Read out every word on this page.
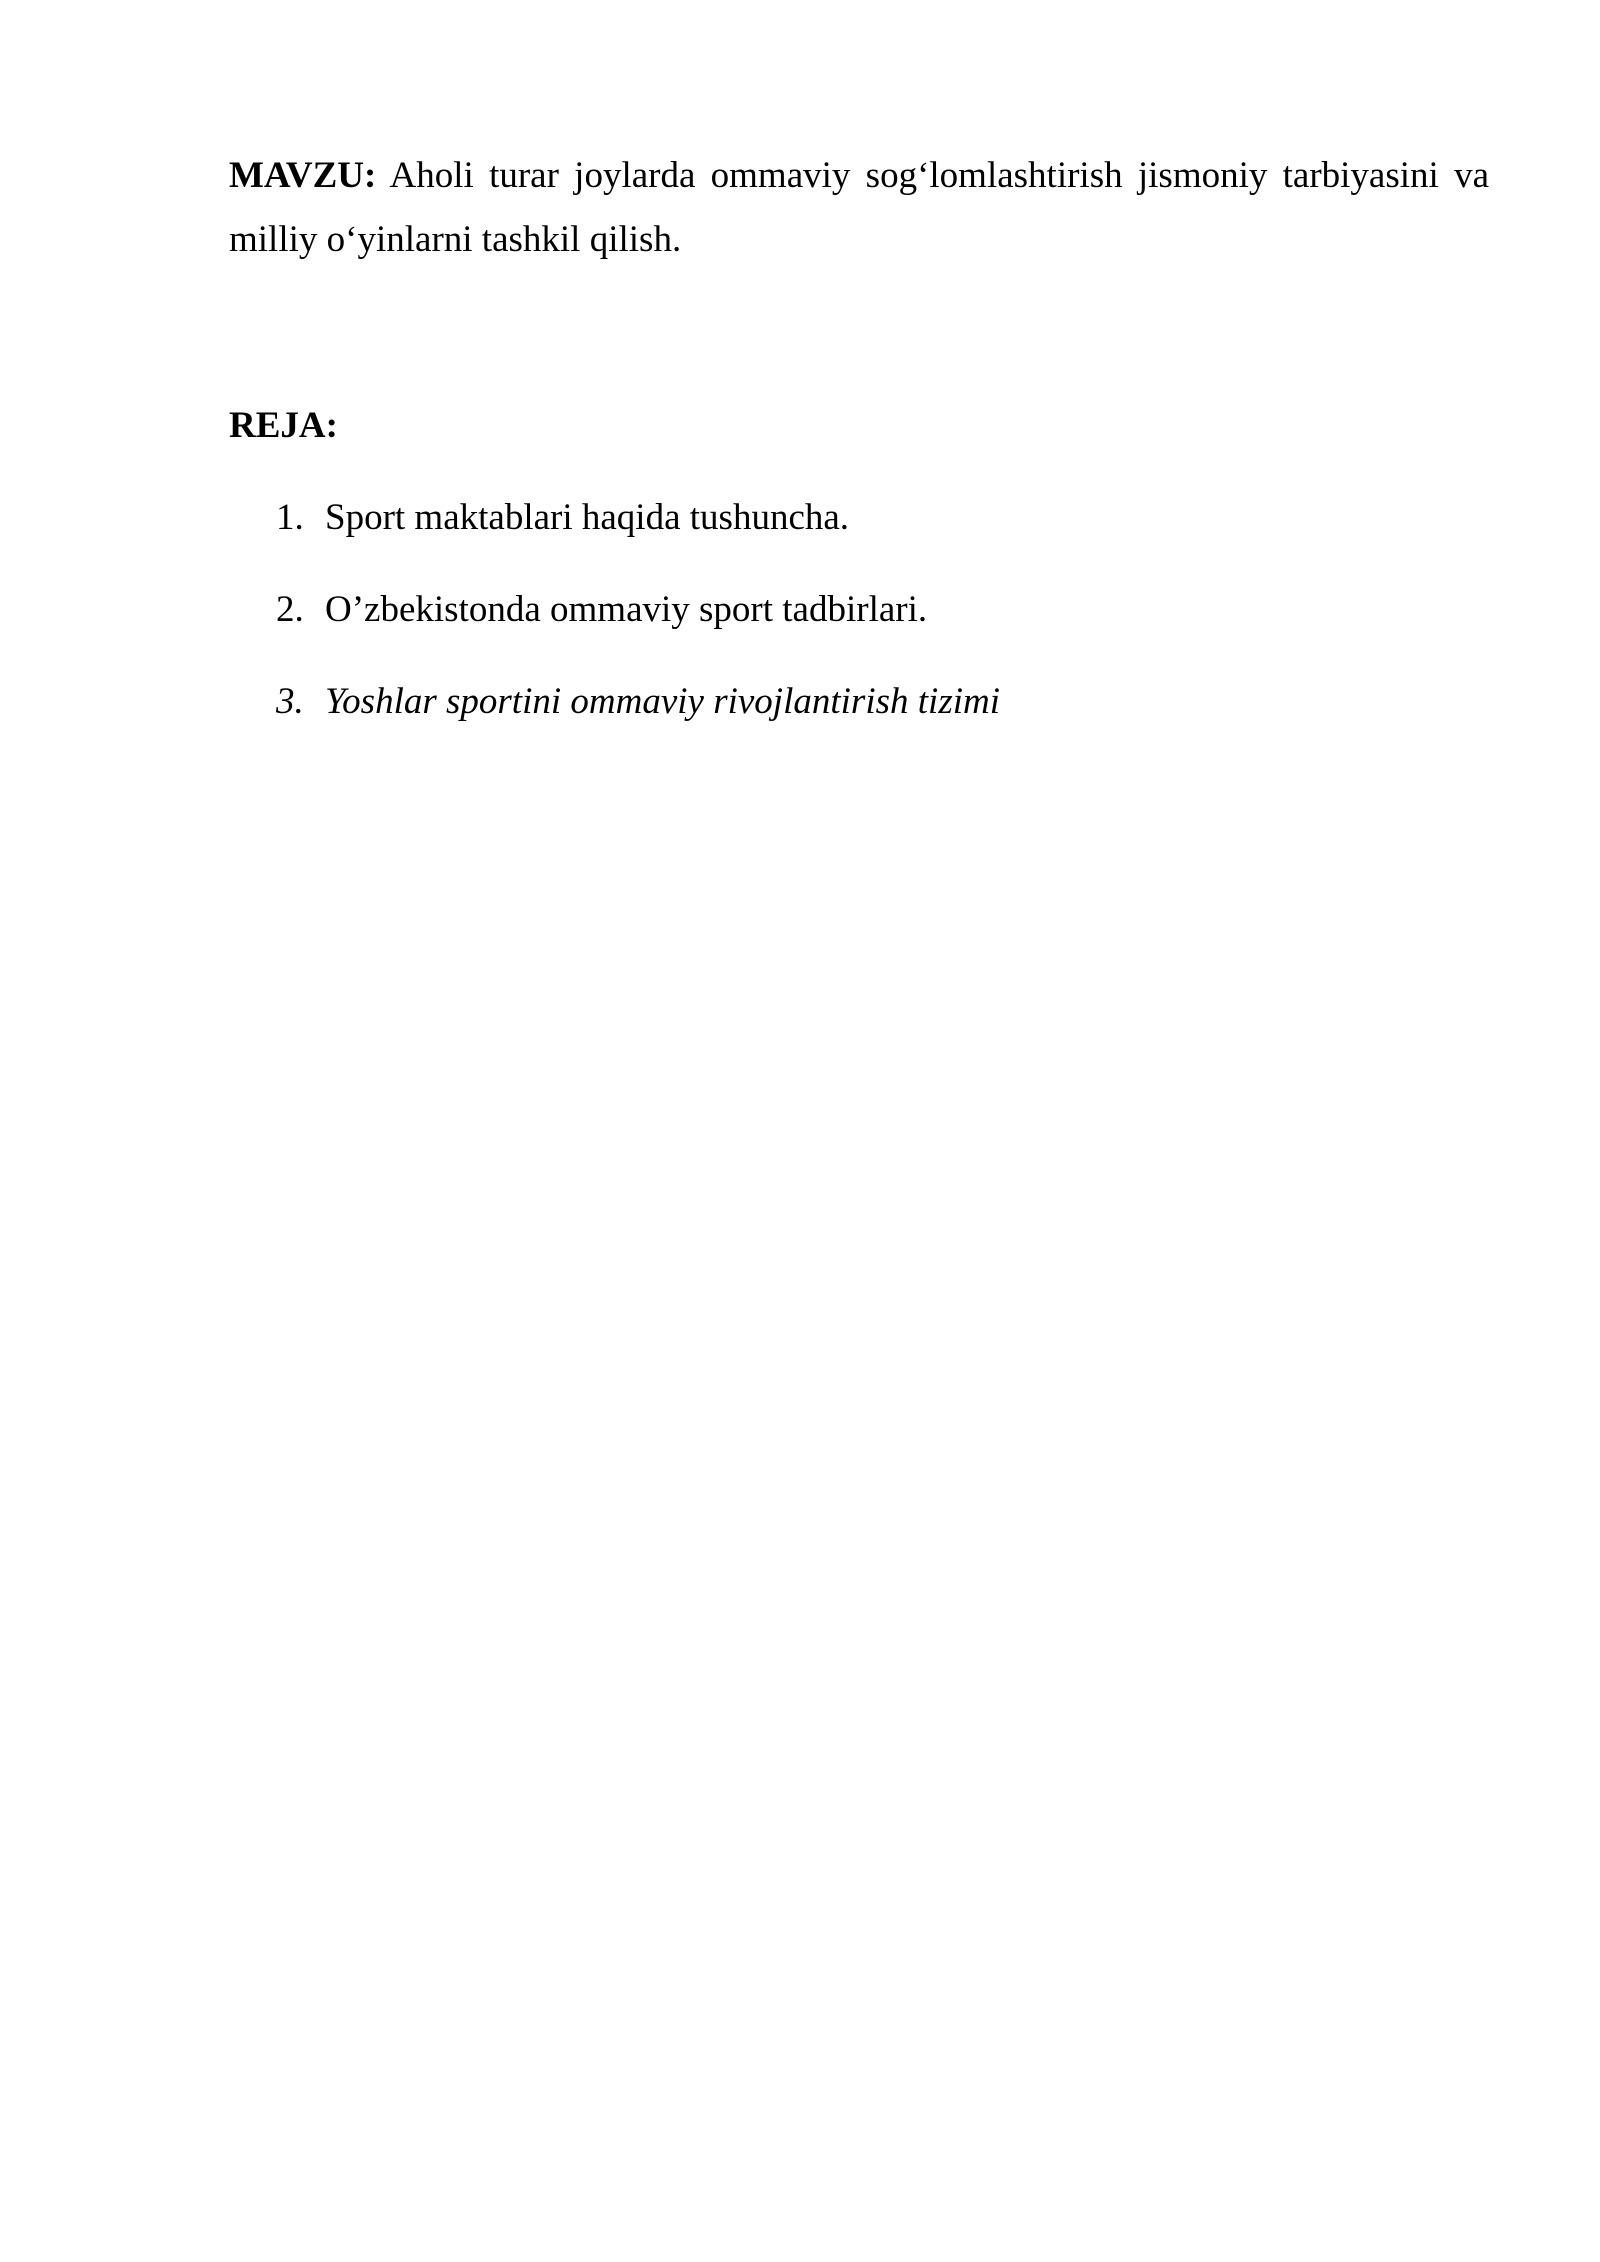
MAVZU: Aholi turar joylarda ommaviy sog‘lomlashtirish jismoniy tarbiyasini va milliy o‘yinlarni tashkil qilish.

REJA:

1. Sport maktablari haqida tushuncha.
2. O’zbekistonda ommaviy sport tadbirlari.
3. Yoshlar sportini ommaviy rivojlantirish tizimi
